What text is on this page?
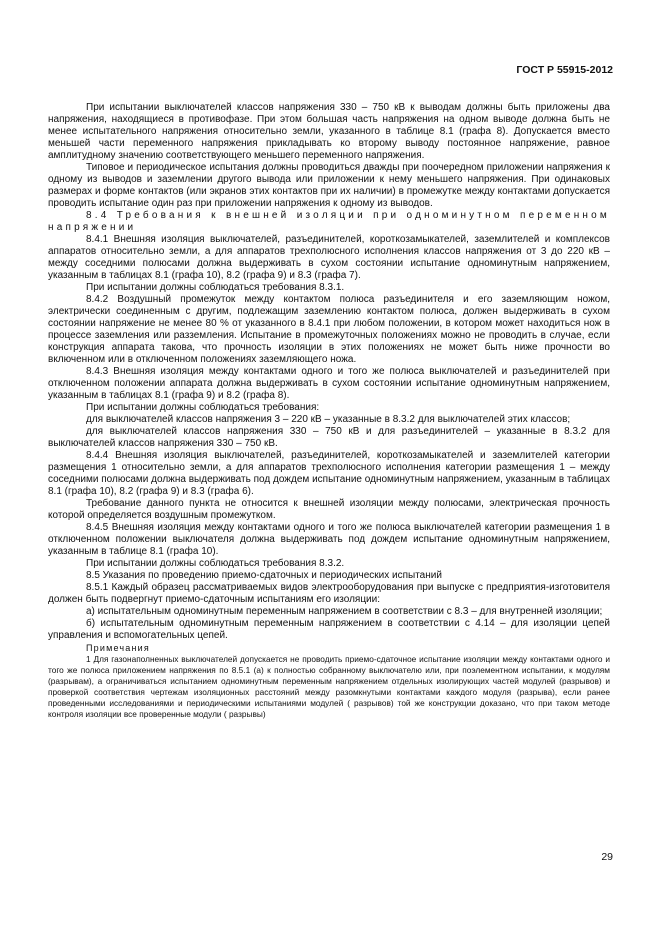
ГОСТ Р 55915-2012

При испытании выключателей классов напряжения 330 – 750 кВ к выводам должны быть приложены два напряжения, находящиеся в противофазе. При этом большая часть напряжения на одном выводе должна быть не менее испытательного напряжения относительно земли, указанного в таблице 8.1 (графа 8). Допускается вместо меньшей части переменного напряжения прикладывать ко второму выводу постоянное напряжение, равное амплитудному значению соответствующего меньшего переменного напряжения.

Типовое и периодическое испытания должны проводиться дважды при поочередном приложении напряжения к одному из выводов и заземлении другого вывода или приложении к нему меньшего напряжения. При одинаковых размерах и форме контактов (или экранов этих контактов при их наличии) в промежутке между контактами допускается проводить испытание один раз при приложении напряжения к одному из выводов.

8.4 Требования к внешней изоляции при одноминутном переменном напряжении

8.4.1 Внешняя изоляция выключателей, разъединителей, короткозамыкателей, заземлителей и комплексов аппаратов относительно земли, а для аппаратов трехполюсного исполнения классов напряжения от 3 до 220 кВ – между соседними полюсами должна выдерживать в сухом состоянии испытание одноминутным напряжением, указанным в таблицах 8.1 (графа 10), 8.2 (графа 9) и 8.3 (графа 7).

При испытании должны соблюдаться требования 8.3.1.

8.4.2 Воздушный промежуток между контактом полюса разъединителя и его заземляющим ножом, электрически соединенным с другим, подлежащим заземлению контактом полюса, должен выдерживать в сухом состоянии напряжение не менее 80 % от указанного в 8.4.1 при любом положении, в котором может находиться нож в процессе заземления или разземления. Испытание в промежуточных положениях можно не проводить в случае, если конструкция аппарата такова, что прочность изоляции в этих положениях не может быть ниже прочности во включенном или в отключенном положениях заземляющего ножа.

8.4.3 Внешняя изоляция между контактами одного и того же полюса выключателей и разъединителей при отключенном положении аппарата должна выдерживать в сухом состоянии испытание одноминутным напряжением, указанным в таблицах 8.1 (графа 9) и 8.2 (графа 8).

При испытании должны соблюдаться требования:

для выключателей классов напряжения 3 – 220 кВ – указанные в 8.3.2 для выключателей этих классов;

для выключателей классов напряжения 330 – 750 кВ и для разъединителей – указанные в 8.3.2 для выключателей классов напряжения 330 – 750 кВ.

8.4.4 Внешняя изоляция выключателей, разъединителей, короткозамыкателей и заземлителей категории размещения 1 относительно земли, а для аппаратов трехполюсного исполнения категории размещения 1 – между соседними полюсами должна выдерживать под дождем испытание одноминутным напряжением, указанным в таблицах 8.1 (графа 10), 8.2 (графа 9) и 8.3 (графа 6).

Требование данного пункта не относится к внешней изоляции между полюсами, электрическая прочность которой определяется воздушным промежутком.

8.4.5 Внешняя изоляция между контактами одного и того же полюса выключателей категории размещения 1 в отключенном положении выключателя должна выдерживать под дождем испытание одноминутным напряжением, указанным в таблице 8.1 (графа 10).

При испытании должны соблюдаться требования 8.3.2.

8.5 Указания по проведению приемо-сдаточных и периодических испытаний

8.5.1 Каждый образец рассматриваемых видов электрооборудования при выпуске с предприятия-изготовителя должен быть подвергнут приемо-сдаточным испытаниям его изоляции:

а) испытательным одноминутным переменным напряжением в соответствии с 8.3 – для внутренней изоляции;

б) испытательным одноминутным переменным напряжением в соответствии с 4.14 – для изоляции цепей управления и вспомогательных цепей.

Примечания

1 Для газонаполненных выключателей допускается не проводить приемо-сдаточное испытание изоляции между контактами одного и того же полюса приложением напряжения по 8.5.1 (а) к полностью собранному выключателю или, при поэлементном испытании, к модулям (разрывам), а ограничиваться испытанием одноминутным переменным напряжением отдельных изолирующих частей модулей (разрывов) и проверкой соответствия чертежам изоляционных расстояний между разомкнутыми контактами каждого модуля (разрыва), если ранее проведенными исследованиями и периодическими испытаниями модулей ( разрывов) той же конструкции доказано, что при таком методе контроля изоляции все проверенные модули ( разрывы)

29
